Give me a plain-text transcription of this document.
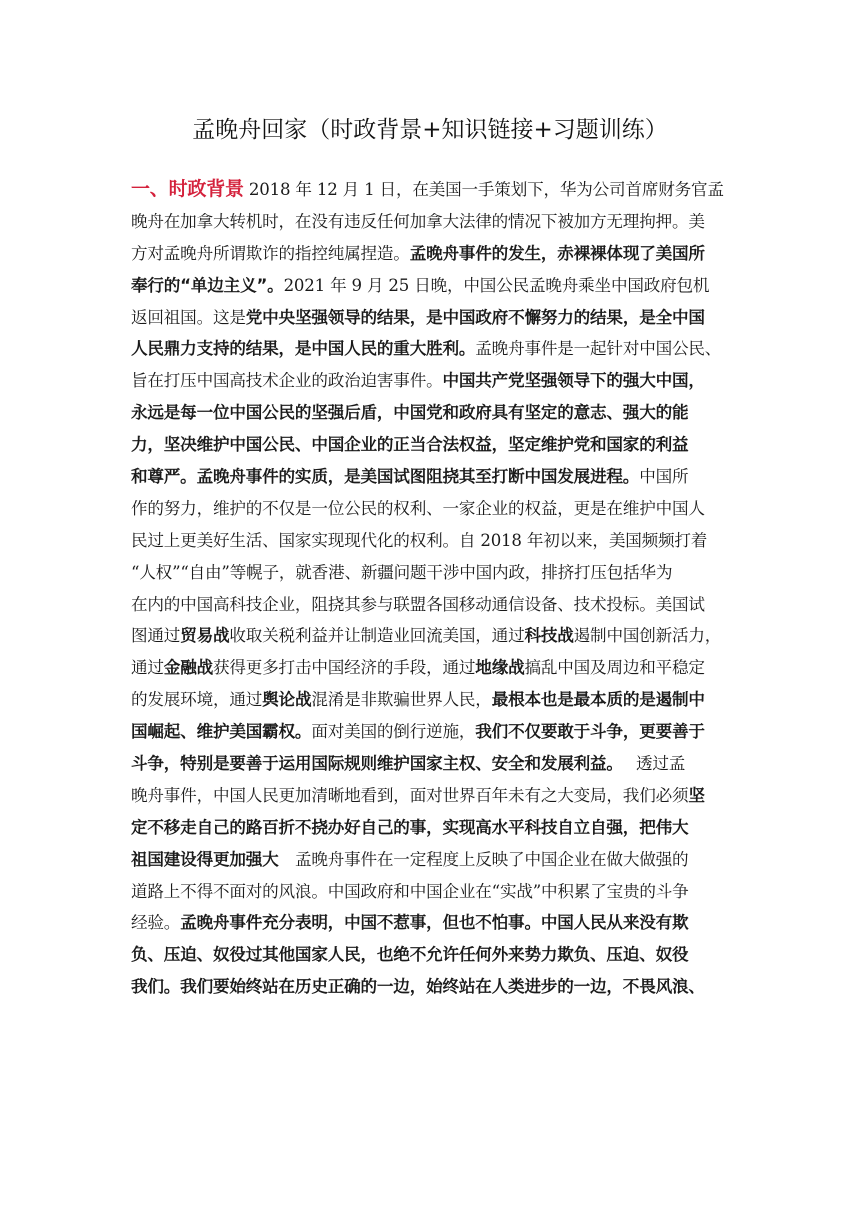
孟晚舟回家（时政背景+知识链接+习题训练）
一、时政背景 2018 年 12 月 1 日，在美国一手策划下，华为公司首席财务官孟
晚舟在加拿大转机时，在没有违反任何加拿大法律的情况下被加方无理拘押。美
方对孟晚舟所谓欺诈的指控纯属捏造。孟晚舟事件的发生，赤裸裸体现了美国所
奉行的“单边主义”。2021 年 9 月 25 日晚，中国公民孟晚舟乘坐中国政府包机
返回祖国。这是党中央坚强领导的结果，是中国政府不懈努力的结果，是全中国
人民鼎力支持的结果，是中国人民的重大胜利。孟晚舟事件是一起针对中国公民、
旨在打压中国高技术企业的政治迫害事件。中国共产党坚强领导下的强大中国，
永远是每一位中国公民的坚强后盾，中国党和政府具有坚定的意志、强大的能
力，坚决维护中国公民、中国企业的正当合法权益，坚定维护党和国家的利益
和尊严。孟晚舟事件的实质，是美国试图阻挠其至打断中国发展进程。中国所
作的努力，维护的不仅是一位公民的权利、一家企业的权益，更是在维护中国人
民过上更美好生活、国家实现现代化的权利。自 2018 年初以来，美国频频打着
“人权”“自由”等幌子，就香港、新疆问题干涉中国内政，排挤打压包括华为
在内的中国高科技企业，阻挠其参与联盟各国移动通信设备、技术投标。美国试
图通过贸易战收取关税利益并让制造业回流美国，通过科技战遏制中国创新活力，
通过金融战获得更多打击中国经济的手段，通过地缘战搞乱中国及周边和平稳定
的发展环境，通过舆论战混淆是非欺骗世界人民，最根本也是最本质的是遏制中
国崛起、维护美国霸权。面对美国的倒行逆施，我们不仅要敢于斗争，更要善于
斗争，特别是要善于运用国际规则维护国家主权、安全和发展利益。　 透过孟
晚舟事件，中国人民更加清晰地看到，面对世界百年未有之大变局，我们必须坚
定不移走自己的路百折不挠办好自己的事，实现高水平科技自立自强，把伟大
祖国建设得更加强大　孟晚舟事件在一定程度上反映了中国企业在做大做强的
道路上不得不面对的风浪。中国政府和中国企业在“实战”中积累了宝贵的斗争
经验。孟晚舟事件充分表明，中国不惹事，但也不怕事。中国人民从来没有欺
负、压迫、奴役过其他国家人民，也绝不允许任何外来势力欺负、压迫、奴役
我们。我们要始终站在历史正确的一边，始终站在人类进步的一边，不畏风浪、
